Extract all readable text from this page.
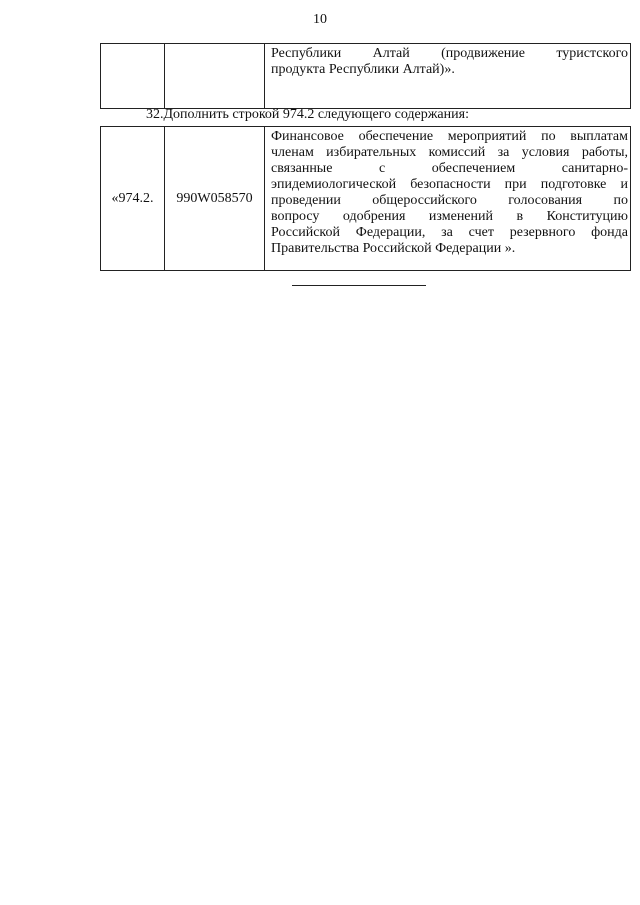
10

Республики Алтай (продвижение туристского
продукта Республики Алтай)».
32.Дополнить строкой 974.2 следующего содержания:
«974.2.	990W058570	
Финансовое обеспечение мероприятий по выплатам
членам избирательных комиссий за условия работы,
связанные с обеспечением санитарно-
эпидемиологической безопасности при подготовке и
проведении общероссийского голосования по
вопросу одобрения изменений в Конституцию
Российской Федерации, за счет резервного фонда
Правительства Российской Федерации ».
